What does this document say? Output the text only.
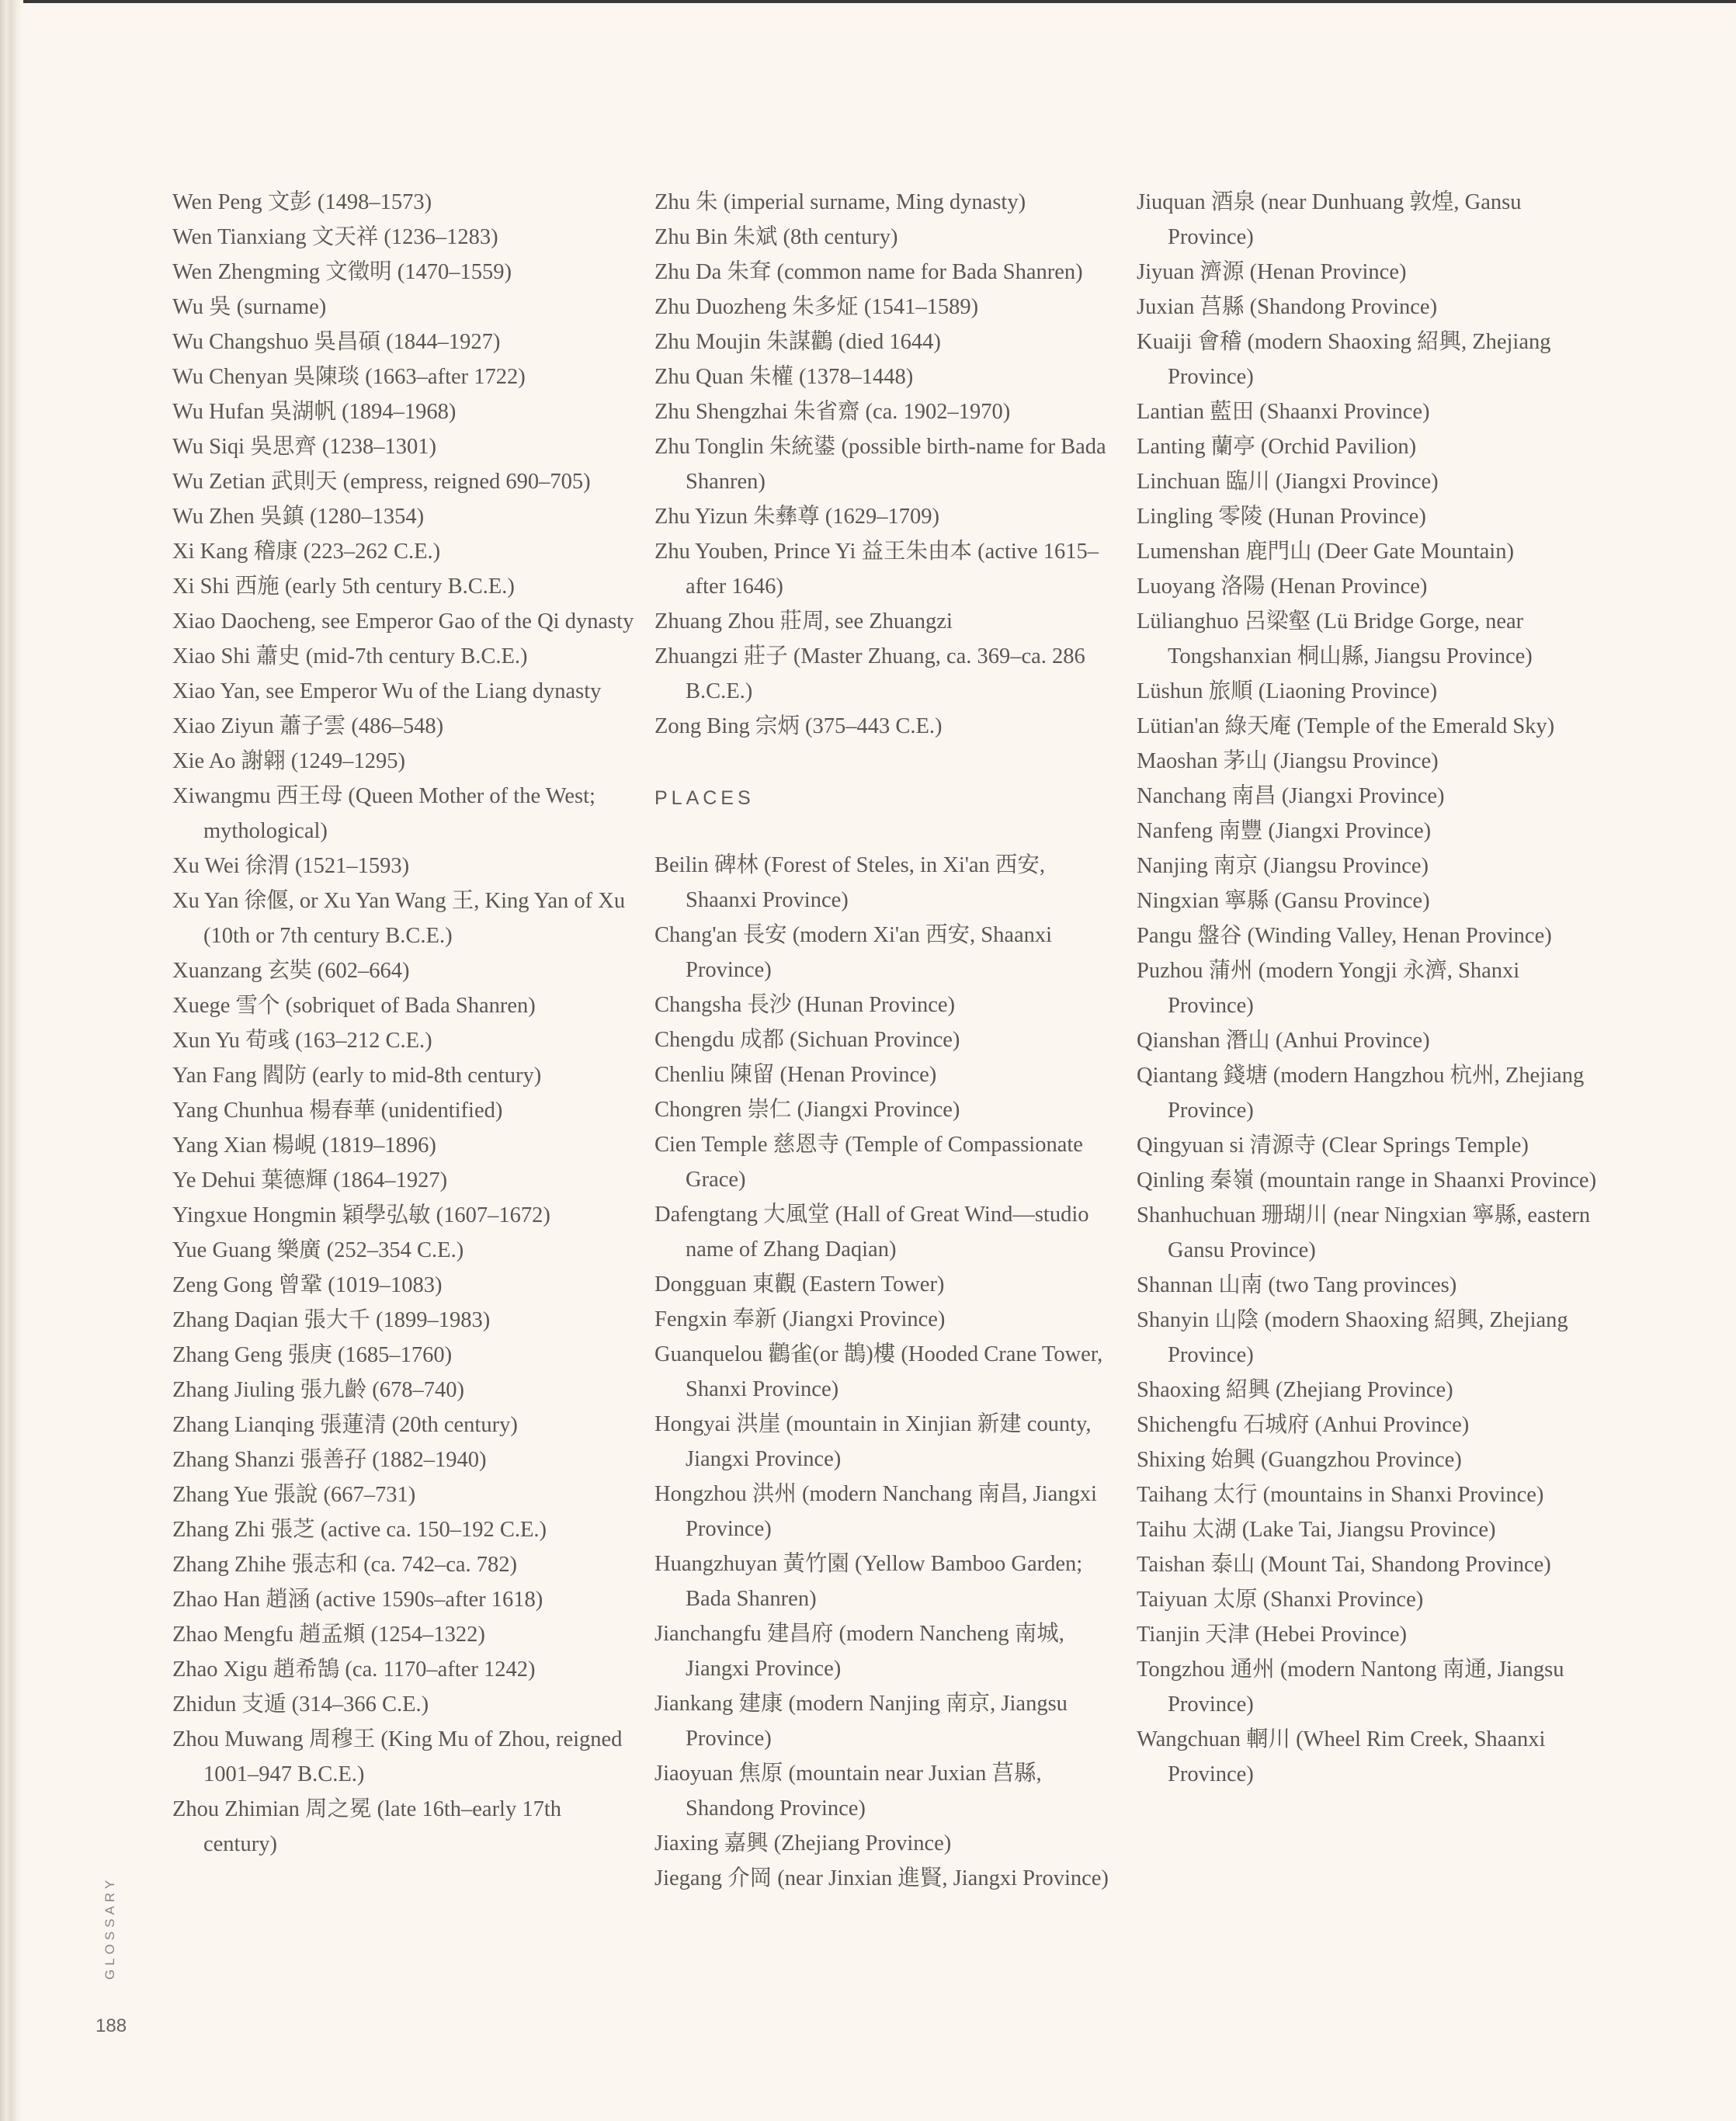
Wen Peng 文彭 (1498–1573)

Wen Tianxiang 文天祥 (1236–1283)

Wen Zhengming 文徵明 (1470–1559)

Wu 吳 (surname)

Wu Changshuo 吳昌碩 (1844–1927)

Wu Chenyan 吳陳琰 (1663–after 1722)

Wu Hufan 吳湖帆 (1894–1968)

Wu Siqi 吳思齊 (1238–1301)

Wu Zetian 武則天 (empress, reigned 690–705)

Wu Zhen 吳鎮 (1280–1354)

Xi Kang 稽康 (223–262 C.E.)

Xi Shi 西施 (early 5th century B.C.E.)

Xiao Daocheng, see Emperor Gao of the Qi dynasty

Xiao Shi 蕭史 (mid-7th century B.C.E.)

Xiao Yan, see Emperor Wu of the Liang dynasty

Xiao Ziyun 蕭子雲 (486–548)

Xie Ao 謝翶 (1249–1295)

Xiwangmu 西王母 (Queen Mother of the West; mythological)

Xu Wei 徐渭 (1521–1593)

Xu Yan 徐偃, or Xu Yan Wang 王, King Yan of Xu (10th or 7th century B.C.E.)

Xuanzang 玄奘 (602–664)

Xuege 雪个 (sobriquet of Bada Shanren)

Xun Yu 荀彧 (163–212 C.E.)

Yan Fang 閻防 (early to mid-8th century)

Yang Chunhua 楊春華 (unidentified)

Yang Xian 楊峴 (1819–1896)

Ye Dehui 葉德輝 (1864–1927)

Yingxue Hongmin 穎學弘敏 (1607–1672)

Yue Guang 樂廣 (252–354 C.E.)

Zeng Gong 曾鞏 (1019–1083)

Zhang Daqian 張大千 (1899–1983)

Zhang Geng 張庚 (1685–1760)

Zhang Jiuling 張九齡 (678–740)

Zhang Lianqing 張蓮清 (20th century)

Zhang Shanzi 張善孖 (1882–1940)

Zhang Yue 張說 (667–731)

Zhang Zhi 張芝 (active ca. 150–192 C.E.)

Zhang Zhihe 張志和 (ca. 742–ca. 782)

Zhao Han 趙涵 (active 1590s–after 1618)

Zhao Mengfu 趙孟頫 (1254–1322)

Zhao Xigu 趙希鵠 (ca. 1170–after 1242)

Zhidun 支遁 (314–366 C.E.)

Zhou Muwang 周穆王 (King Mu of Zhou, reigned 1001–947 B.C.E.)

Zhou Zhimian 周之冕 (late 16th–early 17th century)

Zhu 朱 (imperial surname, Ming dynasty)

Zhu Bin 朱斌 (8th century)

Zhu Da 朱耷 (common name for Bada Shanren)

Zhu Duozheng 朱多炡 (1541–1589)

Zhu Moujin 朱謀鸛 (died 1644)

Zhu Quan 朱權 (1378–1448)

Zhu Shengzhai 朱省齋 (ca. 1902–1970)

Zhu Tonglin 朱統鍙 (possible birth-name for Bada Shanren)

Zhu Yizun 朱彝尊 (1629–1709)

Zhu Youben, Prince Yi 益王朱由本 (active 1615–after 1646)

Zhuang Zhou 莊周, see Zhuangzi

Zhuangzi 莊子 (Master Zhuang, ca. 369–ca. 286 B.C.E.)

Zong Bing 宗炳 (375–443 C.E.)

PLACES

Beilin 碑林 (Forest of Steles, in Xi'an 西安, Shaanxi Province)

Chang'an 長安 (modern Xi'an 西安, Shaanxi Province)

Changsha 長沙 (Hunan Province)

Chengdu 成都 (Sichuan Province)

Chenliu 陳留 (Henan Province)

Chongren 崇仁 (Jiangxi Province)

Cien Temple 慈恩寺 (Temple of Compassionate Grace)

Dafengtang 大風堂 (Hall of Great Wind—studio name of Zhang Daqian)

Dongguan 東觀 (Eastern Tower)

Fengxin 奉新 (Jiangxi Province)

Guanquelou 鸛雀(or 鵲)樓 (Hooded Crane Tower, Shanxi Province)

Hongyai 洪崖 (mountain in Xinjian 新建 county, Jiangxi Province)

Hongzhou 洪州 (modern Nanchang 南昌, Jiangxi Province)

Huangzhuyan 黃竹園 (Yellow Bamboo Garden; Bada Shanren)

Jianchangfu 建昌府 (modern Nancheng 南城, Jiangxi Province)

Jiankang 建康 (modern Nanjing 南京, Jiangsu Province)

Jiaoyuan 焦原 (mountain near Juxian 莒縣, Shandong Province)

Jiaxing 嘉興 (Zhejiang Province)

Jiegang 介岡 (near Jinxian 進賢, Jiangxi Province)

Jiuquan 酒泉 (near Dunhuang 敦煌, Gansu Province)

Jiyuan 濟源 (Henan Province)

Juxian 莒縣 (Shandong Province)

Kuaiji 會稽 (modern Shaoxing 紹興, Zhejiang Province)

Lantian 藍田 (Shaanxi Province)

Lanting 蘭亭 (Orchid Pavilion)

Linchuan 臨川 (Jiangxi Province)

Lingling 零陵 (Hunan Province)

Lumenshan 鹿門山 (Deer Gate Mountain)

Luoyang 洛陽 (Henan Province)

Lülianghuo 呂梁壑 (Lü Bridge Gorge, near Tongshanxian 桐山縣, Jiangsu Province)

Lüshun 旅順 (Liaoning Province)

Lütian'an 綠天庵 (Temple of the Emerald Sky)

Maoshan 茅山 (Jiangsu Province)

Nanchang 南昌 (Jiangxi Province)

Nanfeng 南豐 (Jiangxi Province)

Nanjing 南京 (Jiangsu Province)

Ningxian 寧縣 (Gansu Province)

Pangu 盤谷 (Winding Valley, Henan Province)

Puzhou 蒲州 (modern Yongji 永濟, Shanxi Province)

Qianshan 潛山 (Anhui Province)

Qiantang 錢塘 (modern Hangzhou 杭州, Zhejiang Province)

Qingyuan si 清源寺 (Clear Springs Temple)

Qinling 秦嶺 (mountain range in Shaanxi Province)

Shanhuchuan 珊瑚川 (near Ningxian 寧縣, eastern Gansu Province)

Shannan 山南 (two Tang provinces)

Shanyin 山陰 (modern Shaoxing 紹興, Zhejiang Province)

Shaoxing 紹興 (Zhejiang Province)

Shichengfu 石城府 (Anhui Province)

Shixing 始興 (Guangzhou Province)

Taihang 太行 (mountains in Shanxi Province)

Taihu 太湖 (Lake Tai, Jiangsu Province)

Taishan 泰山 (Mount Tai, Shandong Province)

Taiyuan 太原 (Shanxi Province)

Tianjin 天津 (Hebei Province)

Tongzhou 通州 (modern Nantong 南通, Jiangsu Province)

Wangchuan 輞川 (Wheel Rim Creek, Shaanxi Province)

GLOSSARY
188
